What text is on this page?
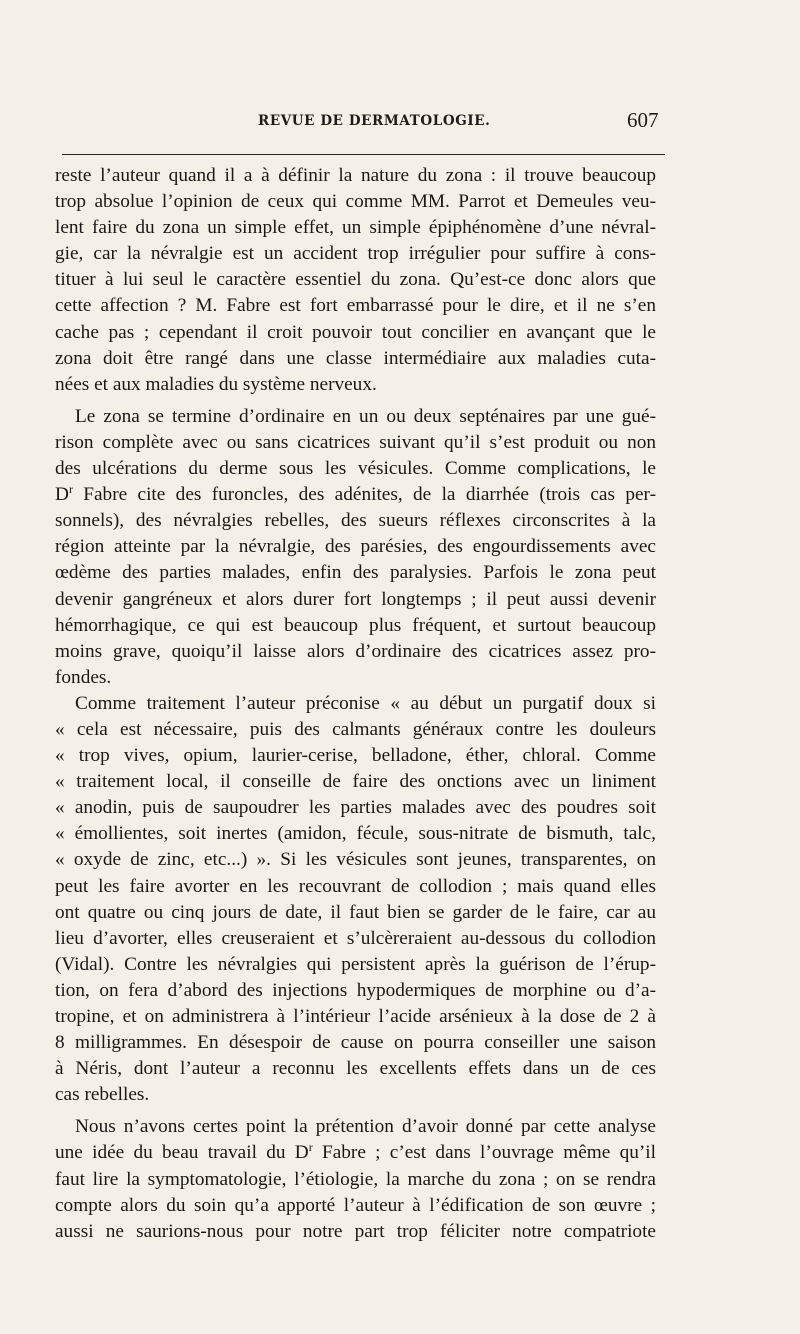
REVUE DE DERMATOLOGIE.	607
reste l’auteur quand il a à définir la nature du zona : il trouve beaucoup
trop absolue l’opinion de ceux qui comme MM. Parrot et Demeules veu-
lent faire du zona un simple effet, un simple épiphénomène d’une névral-
gie, car la névralgie est un accident trop irrégulier pour suffire à cons-
tituer à lui seul le caractère essentiel du zona. Qu’est-ce donc alors que
cette affection ? M. Fabre est fort embarrassé pour le dire, et il ne s’en
cache pas ; cependant il croit pouvoir tout concilier en avançant que le
zona doit être rangé dans une classe intermédiaire aux maladies cuta-
nées et aux maladies du système nerveux.
Le zona se termine d’ordinaire en un ou deux septénaires par une gué-
rison complète avec ou sans cicatrices suivant qu’il s’est produit ou non
des ulcérations du derme sous les vésicules. Comme complications, le
$D^r$ Fabre cite des furoncles, des adénites, de la diarrhée (trois cas per-
sonnels), des névralgies rebelles, des sueurs réflexes circonscrites à la
région atteinte par la névralgie, des parésies, des engourdissements avec
œdème des parties malades, enfin des paralysies. Parfois le zona peut
devenir gangréneux et alors durer fort longtemps ; il peut aussi devenir
hémorrhagique, ce qui est beaucoup plus fréquent, et surtout beaucoup
moins grave, quoiqu’il laisse alors d’ordinaire des cicatrices assez pro-
fondes.
Comme traitement l’auteur préconise « au début un purgatif doux si
« cela est nécessaire, puis des calmants généraux contre les douleurs
« trop vives, opium, laurier-cerise, belladone, éther, chloral. Comme
« traitement local, il conseille de faire des onctions avec un liniment
« anodin, puis de saupoudrer les parties malades avec des poudres soit
« émollientes, soit inertes (amidon, fécule, sous-nitrate de bismuth, talc,
« oxyde de zinc, etc...) ». Si les vésicules sont jeunes, transparentes, on
peut les faire avorter en les recouvrant de collodion ; mais quand elles
ont quatre ou cinq jours de date, il faut bien se garder de le faire, car au
lieu d’avorter, elles creuseraient et s’ulcèreraient au-dessous du collodion
(Vidal). Contre les névralgies qui persistent après la guérison de l’érup-
tion, on fera d’abord des injections hypodermiques de morphine ou d’a-
tropine, et on administrera à l’intérieur l’acide arsénieux à la dose de 2 à
8 milligrammes. En désespoir de cause on pourra conseiller une saison
à Néris, dont l’auteur a reconnu les excellents effets dans un de ces
cas rebelles.
Nous n’avons certes point la prétention d’avoir donné par cette analyse
une idée du beau travail du $D^r$ Fabre ; c’est dans l’ouvrage même qu’il
faut lire la symptomatologie, l’étiologie, la marche du zona ; on se rendra
compte alors du soin qu’a apporté l’auteur à l’édification de son œuvre ;
aussi ne saurions-nous pour notre part trop féliciter notre compatriote
